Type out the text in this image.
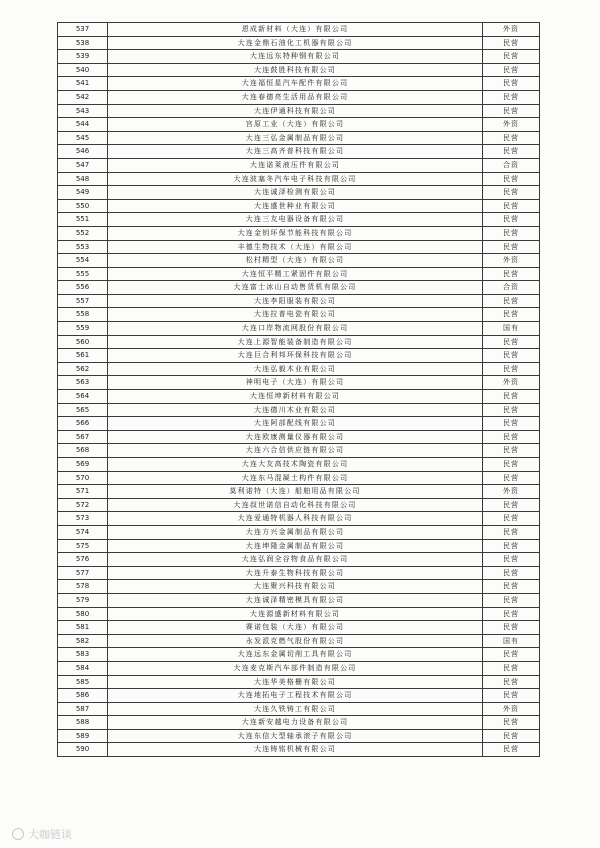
537	恩成新材料（大连）有限公司	外资
538	大连金鼎石油化工机器有限公司	民营
539	大连远东特种钢有限公司	民营
540	大连鼓胜科技有限公司	民营
541	大连福恒星汽车配件有限公司	民营
542	大连春德亮生活用品有限公司	民营
543	大连伊通科技有限公司	民营
544	宫原工业（大连）有限公司	外资
545	大连三弘金属制品有限公司	民营
546	大连三高齐普科技有限公司	民营
547	大连诺莱液压件有限公司	合资
548	大连波塞冬汽车电子科技有限公司	民营
549	大连诚泽检测有限公司	民营
550	大连盛世种业有限公司	民营
551	大连三友电器设备有限公司	民营
552	大连金钥环保节能科技有限公司	民营
553	丰德生物技术（大连）有限公司	民营
554	松村精型（大连）有限公司	外资
555	大连恒平精工紧固件有限公司	民营
556	大连富士冰山自动售货机有限公司	合资
557	大连李阳服装有限公司	民营
558	大连拉普电瓷有限公司	民营
559	大连口岸物流网股份有限公司	国有
560	大连上源智能装备制造有限公司	民营
561	大连巨合利邦环保科技有限公司	民营
562	大连弘毅木业有限公司	民营
563	神明电子（大连）有限公司	外资
564	大连恒坤新材料有限公司	民营
565	大连德川木业有限公司	民营
566	大连阿部配线有限公司	民营
567	大连欧康测量仪器有限公司	民营
568	大连六合信供应链有限公司	民营
569	大连大友高技术陶瓷有限公司	民营
570	大连东马混凝土构件有限公司	民营
571	莫利诺特（大连）船舶用品有限公司	外资
572	大连叔世诺信自动化科技有限公司	民营
573	大连爱通特机器人科技有限公司	民营
574	大连方兴金属制品有限公司	民营
575	大连坤隆金属制品有限公司	民营
576	大连弘润全谷物食品有限公司	民营
577	大连升泰生物科技有限公司	民营
578	大连聚兴科技有限公司	民营
579	大连诚泽精密模具有限公司	民营
580	大连源盛新材料有限公司	民营
581	赛诺包装（大连）有限公司	民营
582	永发派克燃气股份有限公司	国有
583	大连远东金属切削工具有限公司	民营
584	大连麦克斯汽车部件制造有限公司	民营
585	大连华美格栅有限公司	民营
586	大连地拓电子工程技术有限公司	民营
587	大连久铁铸工有限公司	外资
588	大连新安越电力设备有限公司	民营
589	大连东信大型轴承滚子有限公司	民营
590	大连铸铭机械有限公司	民营
大咖链谈
